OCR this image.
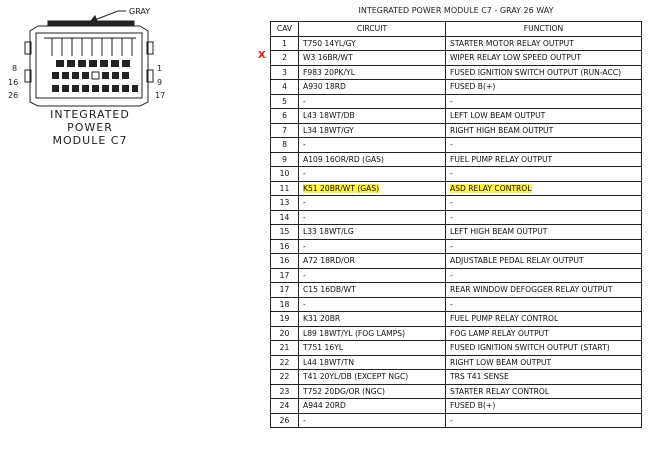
GRAY
8
16
26
1
9
17
INTEGRATED
POWER
MODULE C7
INTEGRATED POWER MODULE C7 - GRAY 26 WAY
X
CAV	CIRCUIT	FUNCTION
1	T750 14YL/GY	STARTER MOTOR RELAY OUTPUT
2	W3 16BR/WT	WIPER RELAY LOW SPEED OUTPUT
3	F983 20PK/YL	FUSED IGNITION SWITCH OUTPUT (RUN-ACC)
4	A930 18RD	FUSED B(+)
5	-	-
6	L43 18WT/DB	LEFT LOW BEAM OUTPUT
7	L34 18WT/GY	RIGHT HIGH BEAM OUTPUT
8	-	-
9	A109 16OR/RD (GAS)	FUEL PUMP RELAY OUTPUT
10	-	-
11	K51 20BR/WT (GAS)	ASD RELAY CONTROL
13	-	-
14	-	-
15	L33 18WT/LG	LEFT HIGH BEAM OUTPUT
16	-	-
16	A72 18RD/OR	ADJUSTABLE PEDAL RELAY OUTPUT
17	-	-
17	C15 16DB/WT	REAR WINDOW DEFOGGER RELAY OUTPUT
18	-	-
19	K31 20BR	FUEL PUMP RELAY CONTROL
20	L89 18WT/YL (FOG LAMPS)	FOG LAMP RELAY OUTPUT
21	T751 16YL	FUSED IGNITION SWITCH OUTPUT (START)
22	L44 18WT/TN	RIGHT LOW BEAM OUTPUT
22	T41 20YL/DB (EXCEPT NGC)	TRS T41 SENSE
23	T752 20DG/OR (NGC)	STARTER RELAY CONTROL
24	A944 20RD	FUSED B(+)
26	-	-
